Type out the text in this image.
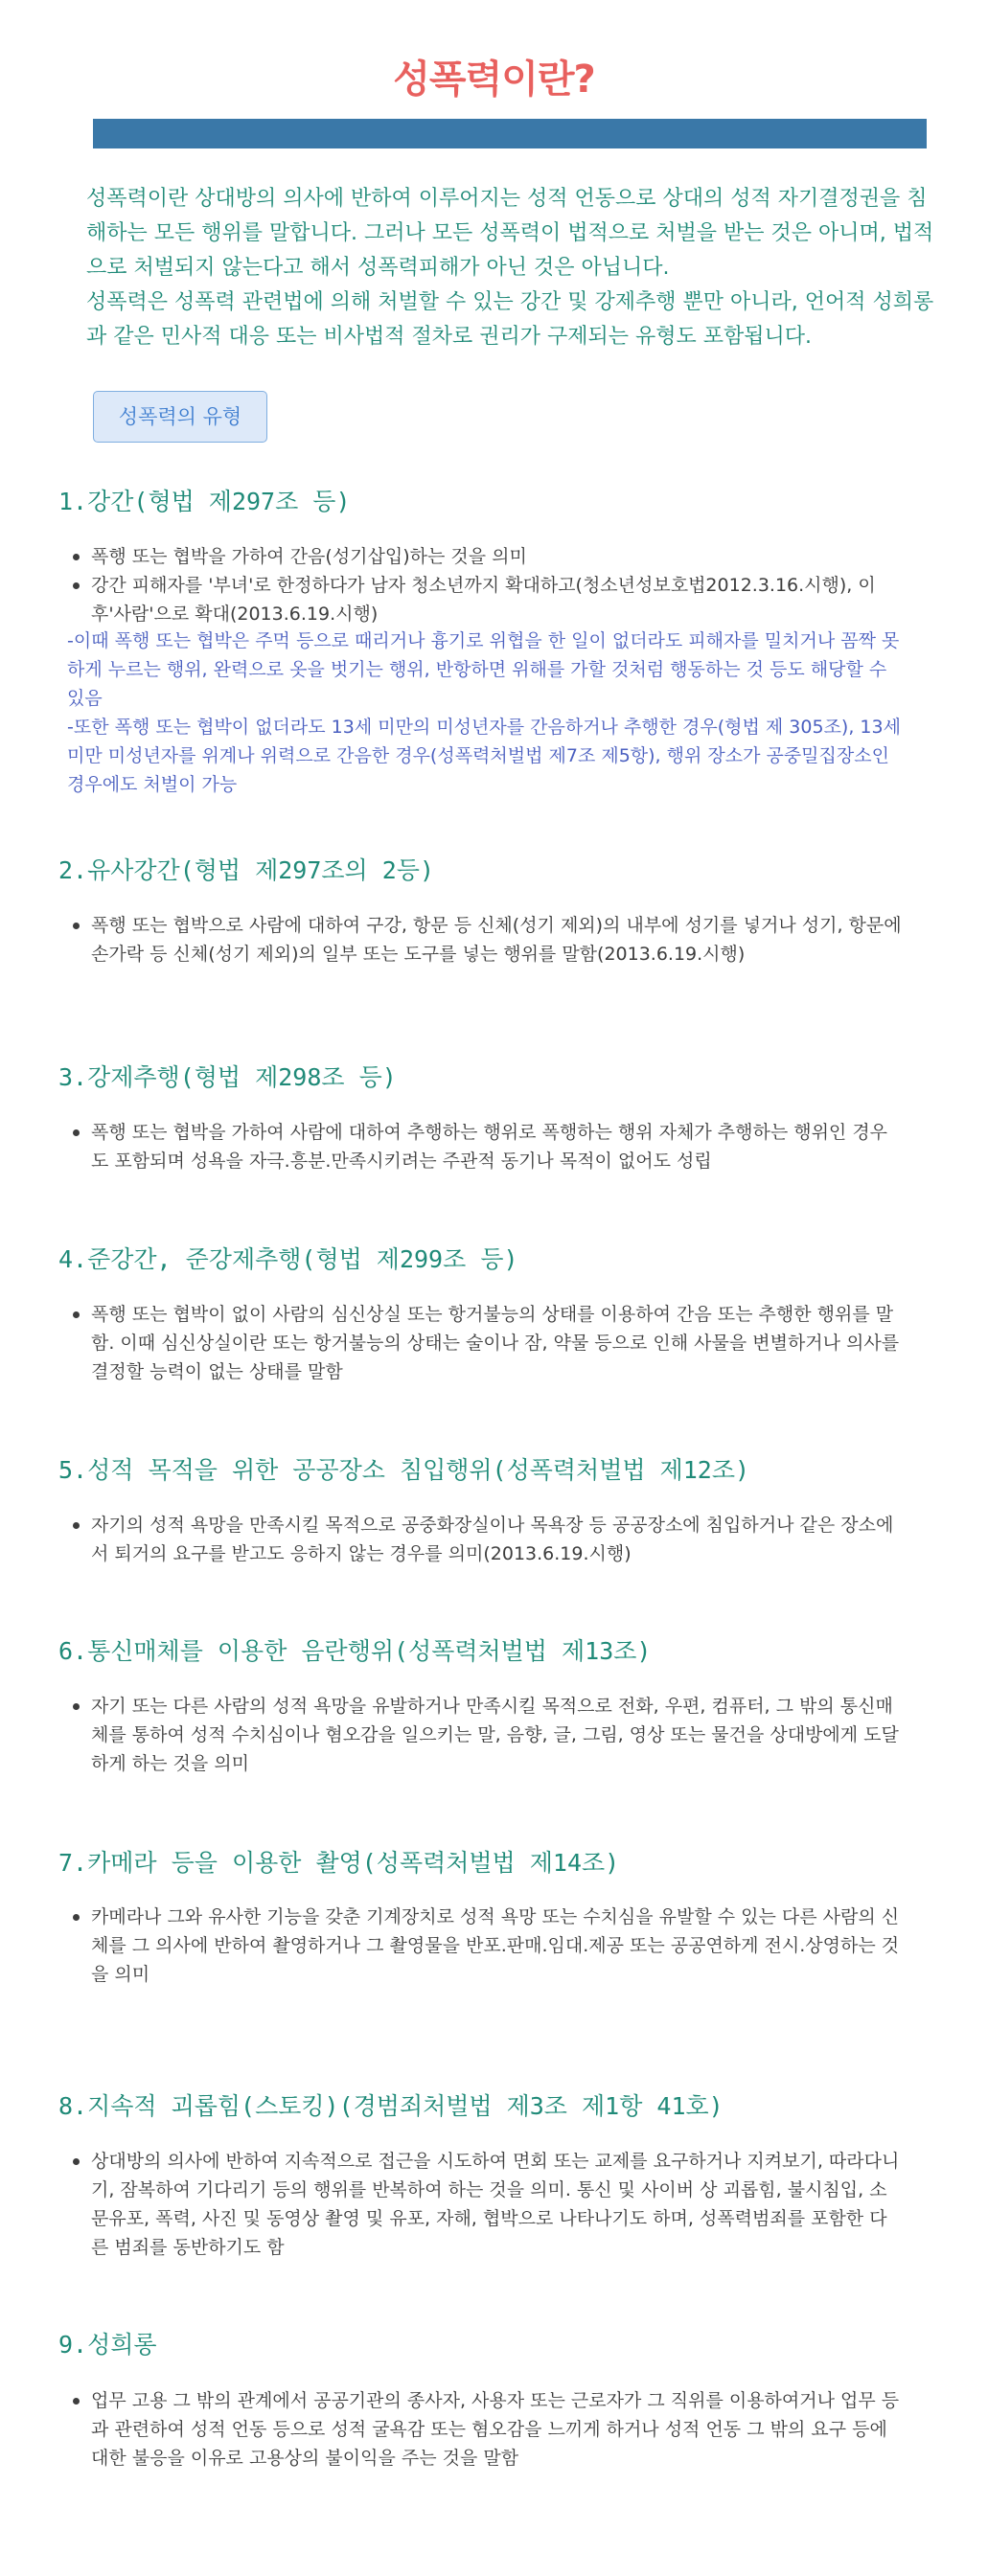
성폭력이란?

성폭력이란 상대방의 의사에 반하여 이루어지는 성적 언동으로 상대의 성적 자기결정권을 침해하는 모든 행위를 말합니다. 그러나 모든 성폭력이 법적으로 처벌을 받는 것은 아니며, 법적으로 처벌되지 않는다고 해서 성폭력피해가 아닌 것은 아닙니다.

성폭력은 성폭력 관련법에 의해 처벌할 수 있는 강간 및 강제추행 뿐만 아니라, 언어적 성희롱과 같은 민사적 대응 또는 비사법적 절차로 권리가 구제되는 유형도 포함됩니다.

성폭력의 유형
1.강간(형법 제297조 등)
폭행 또는 협박을 가하여 간음(성기삽입)하는 것을 의미
강간 피해자를 '부녀'로 한정하다가 남자 청소년까지 확대하고(청소년성보호법2012.3.16.시행), 이후'사람'으로 확대(2013.6.19.시행)

-이때 폭행 또는 협박은 주먹 등으로 때리거나 흉기로 위협을 한 일이 없더라도 피해자를 밀치거나 꼼짝 못하게 누르는 행위, 완력으로 옷을 벗기는 행위, 반항하면 위해를 가할 것처럼 행동하는 것 등도 해당할 수 있음

-또한 폭행 또는 협박이 없더라도 13세 미만의 미성년자를 간음하거나 추행한 경우(형법 제 305조), 13세 미만 미성년자를 위계나 위력으로 간음한 경우(성폭력처벌법 제7조 제5항), 행위 장소가 공중밀집장소인 경우에도 처벌이 가능

2.유사강간(형법 제297조의 2등)
폭행 또는 협박으로 사람에 대하여 구강, 항문 등 신체(성기 제외)의 내부에 성기를 넣거나 성기, 항문에 손가락 등 신체(성기 제외)의 일부 또는 도구를 넣는 행위를 말함(2013.6.19.시행)
3.강제추행(형법 제298조 등)
폭행 또는 협박을 가하여 사람에 대하여 추행하는 행위로 폭행하는 행위 자체가 추행하는 행위인 경우도 포함되며 성욕을 자극.흥분.만족시키려는 주관적 동기나 목적이 없어도 성립
4.준강간, 준강제추행(형법 제299조 등)
폭행 또는 협박이 없이 사람의 심신상실 또는 항거불능의 상태를 이용하여 간음 또는 추행한 행위를 말함. 이때 심신상실이란 또는 항거불능의 상태는 술이나 잠, 약물 등으로 인해 사물을 변별하거나 의사를 결정할 능력이 없는 상태를 말함
5.성적 목적을 위한 공공장소 침입행위(성폭력처벌법 제12조)
자기의 성적 욕망을 만족시킬 목적으로 공중화장실이나 목욕장 등 공공장소에 침입하거나 같은 장소에서 퇴거의 요구를 받고도 응하지 않는 경우를 의미(2013.6.19.시행)
6.통신매체를 이용한 음란행위(성폭력처벌법 제13조)
자기 또는 다른 사람의 성적 욕망을 유발하거나 만족시킬 목적으로 전화, 우편, 컴퓨터, 그 밖의 통신매체를 통하여 성적 수치심이나 혐오감을 일으키는 말, 음향, 글, 그림, 영상 또는 물건을 상대방에게 도달하게 하는 것을 의미
7.카메라 등을 이용한 촬영(성폭력처벌법 제14조)
카메라나 그와 유사한 기능을 갖춘 기계장치로 성적 욕망 또는 수치심을 유발할 수 있는 다른 사람의 신체를 그 의사에 반하여 촬영하거나 그 촬영물을 반포.판매.임대.제공 또는 공공연하게 전시.상영하는 것을 의미
8.지속적 괴롭힘(스토킹)(경범죄처벌법 제3조 제1항 41호)
상대방의 의사에 반하여 지속적으로 접근을 시도하여 면회 또는 교제를 요구하거나 지켜보기, 따라다니기, 잠복하여 기다리기 등의 행위를 반복하여 하는 것을 의미. 통신 및 사이버 상 괴롭힘, 불시침입, 소문유포, 폭력, 사진 및 동영상 촬영 및 유포, 자해, 협박으로 나타나기도 하며, 성폭력범죄를 포함한 다른 범죄를 동반하기도 함
9.성희롱
업무 고용 그 밖의 관계에서 공공기관의 종사자, 사용자 또는 근로자가 그 직위를 이용하여거나 업무 등과 관련하여 성적 언동 등으로 성적 굴욕감 또는 혐오감을 느끼게 하거나 성적 언동 그 밖의 요구 등에 대한 불응을 이유로 고용상의 불이익을 주는 것을 말함
